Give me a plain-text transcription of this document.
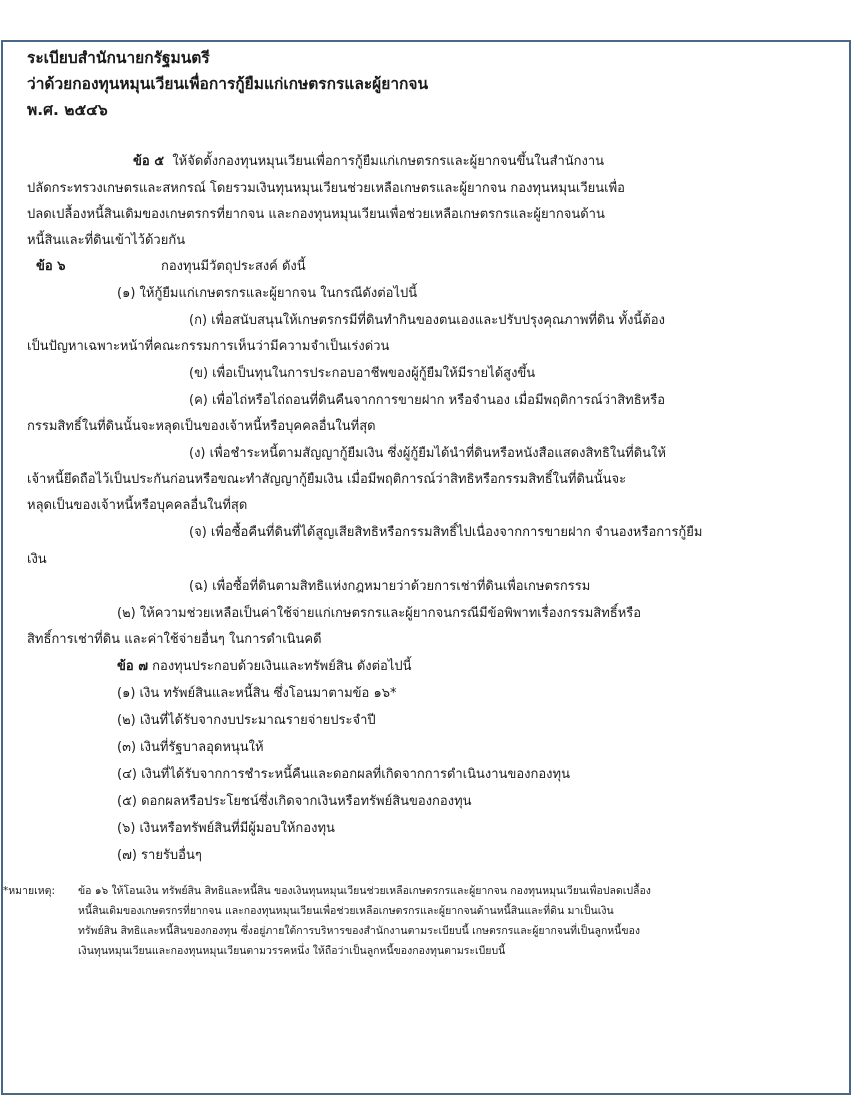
ระเบียบสำนักนายกรัฐมนตรี
ว่าด้วยกองทุนหมุนเวียนเพื่อการกู้ยืมแก่เกษตรกรและผู้ยากจน
พ.ศ. ๒๕๔๖
ข้อ ๕ ให้จัดตั้งกองทุนหมุนเวียนเพื่อการกู้ยืมแก่เกษตรกรและผู้ยากจนขึ้นในสำนักงาน
ปลัดกระทรวงเกษตรและสหกรณ์ โดยรวมเงินทุนหมุนเวียนช่วยเหลือเกษตรและผู้ยากจน กองทุนหมุนเวียนเพื่อ
ปลดเปลื้องหนี้สินเดิมของเกษตรกรที่ยากจน และกองทุนหมุนเวียนเพื่อช่วยเหลือเกษตรกรและผู้ยากจนด้าน
หนี้สินและที่ดินเข้าไว้ด้วยกัน
ข้อ ๖	กองทุนมีวัตถุประสงค์ ดังนี้
(๑) ให้กู้ยืมแก่เกษตรกรและผู้ยากจน ในกรณีดังต่อไปนี้
(ก) เพื่อสนับสนุนให้เกษตรกรมีที่ดินทำกินของตนเองและปรับปรุงคุณภาพที่ดิน ทั้งนี้ต้อง
เป็นปัญหาเฉพาะหน้าที่คณะกรรมการเห็นว่ามีความจำเป็นเร่งด่วน
(ข) เพื่อเป็นทุนในการประกอบอาชีพของผู้กู้ยืมให้มีรายได้สูงขึ้น
(ค) เพื่อไถ่หรือไถ่ถอนที่ดินคืนจากการขายฝาก หรือจำนอง เมื่อมีพฤติการณ์ว่าสิทธิหรือ
กรรมสิทธิ์ในที่ดินนั้นจะหลุดเป็นของเจ้าหนี้หรือบุคคลอื่นในที่สุด
(ง) เพื่อชำระหนี้ตามสัญญากู้ยืมเงิน ซึ่งผู้กู้ยืมได้นำที่ดินหรือหนังสือแสดงสิทธิในที่ดินให้
เจ้าหนี้ยึดถือไว้เป็นประกันก่อนหรือขณะทำสัญญากู้ยืมเงิน เมื่อมีพฤติการณ์ว่าสิทธิหรือกรรมสิทธิ์ในที่ดินนั้นจะ
หลุดเป็นของเจ้าหนี้หรือบุคคลอื่นในที่สุด
(จ) เพื่อซื้อคืนที่ดินที่ได้สูญเสียสิทธิหรือกรรมสิทธิ์ไปเนื่องจากการขายฝาก จำนองหรือการกู้ยืม
เงิน
(ฉ) เพื่อซื้อที่ดินตามสิทธิแห่งกฎหมายว่าด้วยการเช่าที่ดินเพื่อเกษตรกรรม
(๒) ให้ความช่วยเหลือเป็นค่าใช้จ่ายแก่เกษตรกรและผู้ยากจนกรณีมีข้อพิพาทเรื่องกรรมสิทธิ์หรือ
สิทธิ์การเช่าที่ดิน และค่าใช้จ่ายอื่นๆ ในการดำเนินคดี
ข้อ ๗ กองทุนประกอบด้วยเงินและทรัพย์สิน ดังต่อไปนี้
(๑) เงิน ทรัพย์สินและหนี้สิน ซึ่งโอนมาตามข้อ ๑๖*
(๒) เงินที่ได้รับจากงบประมาณรายจ่ายประจำปี
(๓) เงินที่รัฐบาลอุดหนุนให้
(๔) เงินที่ได้รับจากการชำระหนี้คืนและดอกผลที่เกิดจากการดำเนินงานของกองทุน
(๕) ดอกผลหรือประโยชน์ซึ่งเกิดจากเงินหรือทรัพย์สินของกองทุน
(๖) เงินหรือทรัพย์สินที่มีผู้มอบให้กองทุน
(๗) รายรับอื่นๆ
*หมายเหตุ: ข้อ ๑๖ ให้โอนเงิน ทรัพย์สิน สิทธิและหนี้สิน ของเงินทุนหมุนเวียนช่วยเหลือเกษตรกรและผู้ยากจน กองทุนหมุนเวียนเพื่อปลดเปลื้อง
หนี้สินเดิมของเกษตรกรที่ยากจน และกองทุนหมุนเวียนเพื่อช่วยเหลือเกษตรกรและผู้ยากจนด้านหนี้สินและที่ดิน มาเป็นเงิน
ทรัพย์สิน สิทธิและหนี้สินของกองทุน ซึ่งอยู่ภายใต้การบริหารของสำนักงานตามระเบียบนี้ เกษตรกรและผู้ยากจนที่เป็นลูกหนี้ของ
เงินทุนหมุนเวียนและกองทุนหมุนเวียนตามวรรคหนึ่ง ให้ถือว่าเป็นลูกหนี้ของกองทุนตามระเบียบนี้
